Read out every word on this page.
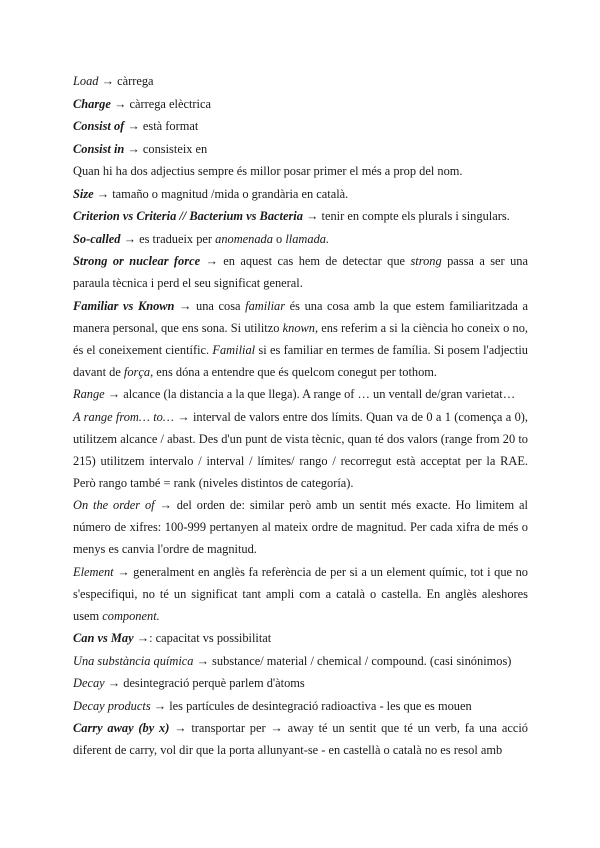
Load → càrrega

Charge → càrrega elèctrica

Consist of → està format

Consist in → consisteix en

Quan hi ha dos adjectius sempre és millor posar primer el més a prop del nom.

Size → tamaño o magnitud /mida o grandària en català.

Criterion vs Criteria // Bacterium vs Bacteria → tenir en compte els plurals i singulars.

So-called → es tradueix per anomenada o llamada.

Strong or nuclear force → en aquest cas hem de detectar que strong passa a ser una paraula tècnica i perd el seu significat general.

Familiar vs Known → una cosa familiar és una cosa amb la que estem familiaritzada a manera personal, que ens sona. Si utilitzo known, ens referim a si la ciència ho coneix o no, és el coneixement científic. Familial si es familiar en termes de família. Si posem l'adjectiu davant de força, ens dóna a entendre que és quelcom conegut per tothom.

Range → alcance (la distancia a la que llega). A range of … un ventall de/gran varietat…

A range from… to… → interval de valors entre dos límits. Quan va de 0 a 1 (comença a 0), utilitzem alcance / abast. Des d'un punt de vista tècnic, quan té dos valors (range from 20 to 215) utilitzem intervalo / interval / límites/ rango / recorregut està acceptat per la RAE. Però rango també = rank (niveles distintos de categoría).

On the order of → del orden de: similar però amb un sentit més exacte. Ho limitem al número de xifres: 100-999 pertanyen al mateix ordre de magnitud. Per cada xifra de més o menys es canvia l'ordre de magnitud.

Element → generalment en anglès fa referència de per si a un element químic, tot i que no s'especifiqui, no té un significat tant ampli com a català o castella. En anglès aleshores usem component.

Can vs May →: capacitat vs possibilitat

Una substància química → substance/ material / chemical / compound. (casi sinónimos)

Decay → desintegració perquè parlem d'àtoms

Decay products → les partícules de desintegració radioactiva - les que es mouen

Carry away (by x) → transportar per → away té un sentit que té un verb, fa una acció diferent de carry, vol dir que la porta allunyant-se - en castellà o català no es resol amb
